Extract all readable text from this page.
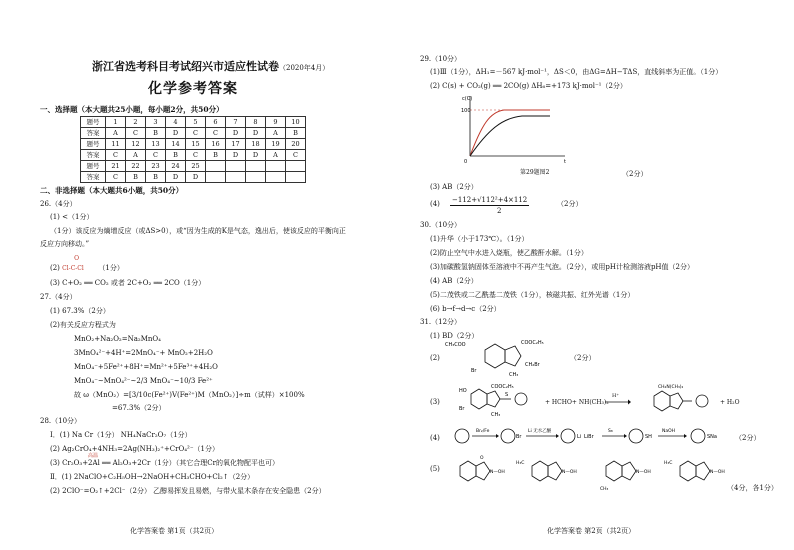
浙江省选考科目考试绍兴市适应性试卷（2020年4月）
化学参考答案
一、选择题（本大题共25小题，每小题2分，共50分）
题号	1	2	3	4	5	6	7	8	9	10
答案	A	C	B	D	C	C	D	D	A	B
题号	11	12	13	14	15	16	17	18	19	20
答案	C	A	C	B	C	B	D	D	A	C
题号	21	22	23	24	25					
答案	C	B	B	D	D					
二、非选择题（本大题共6小题，共50分）
26.（4分）
(1) <（1分）
（1分）该反应为熵增反应（或ΔS>0），或“因为生成的K是气态，逸出后，使该反应的平衡向正
反应方向移动。”
(2)
O
Cl-C-Cl （1分）
(3) C+O₂ ══ CO₂ 或者 2C+O₂ ══ 2CO（1分）
27.（4分）
(1) 67.3%（2分）
(2)有关反应方程式为
MnO₂+Na₂O₂=Na₂MnO₄
3MnO₄²⁻+4H⁺=2MnO₄⁻+ MnO₂+2H₂O
MnO₄⁻+5Fe²⁺+8H⁺=Mn²⁺+5Fe³⁺+4H₂O
MnO₄⁻~MnO₄²⁻~2/3 MnO₄⁻~10/3 Fe²⁺
故 ω（MnO₂）=[3/10c(Fe²⁺)V(Fe²⁺)M（MnO₂）]÷m（试样）×100%
=67.3%（2分）
28.（10分）
Ⅰ．(1) Na Cr（1分） NH₄NaCr₂O₇（1分）
(2) Ag₂CrO₄+4NH₃=2Ag(NH₃)₂⁺+CrO₄²⁻（1分）
高温
(3) Cr₂O₃+2Al ══ Al₂O₃+2Cr（1分）（其它合理Cr的氧化物配平也可）
Ⅱ．(1) 2NaClO+C₂H₅OH→2NaOH+CH₃CHO+Cl₂↑（2分）
(2) 2ClO⁻=O₂↑+2Cl⁻（2分） 乙醇易挥发且易燃，与带火星木条存在安全隐患（2分）
化学答案卷 第1页（共2页）
29.（10分）
(1)Ⅲ（1分），ΔH₁=－567 kJ·mol⁻¹，ΔS＜0，由ΔG=ΔH−TΔS，直线斜率为正值。（1分）
(2) C(s) + CO₂(g) ══ 2CO(g) ΔH₆=+173 kJ·mol⁻¹（2分）
（2分）
(3) AB（2分）
(4) −112+√112²+4×112
2
（2分）
30.（10分）
(1)升华（小于173℃）。（1分）
(2)防止空气中水进入烧瓶，使乙酸酐水解。（1分）
(3)加碳酸氢钠固体至溶液中不再产生气泡。（2分），或用pH计检测溶液pH值（2分）
(4) AB（2分）
(5)二茂铁或二乙酰基二茂铁（1分），核磁共振、红外光谱（1分）
(6) b→f→d→c（2分）
31.（12分）
(1) BD（2分）
(2)
(3)
(4)
(5)
（4分，各1分）
化学答案卷 第2页（共2页）
100
0	t
c(C)
第29题图2
CH₃COO	COOC₂H₅
Br
CH₂Br
CH₃
（2分）
HO
COOC₂H₅
Br
CH₃
S
+ HCHO+ NH(CH₃)₂
H⁺
CH₂N(CH₃)₂
+ H₂O
Br₂/Fe
Br
Li 无水乙醚
Li LiBr
S₈
SH
NaOH
SNa	（2分）
O
N—OH
H₃C
N—OH
CH₃
N—OH
H₃C
N—OH
